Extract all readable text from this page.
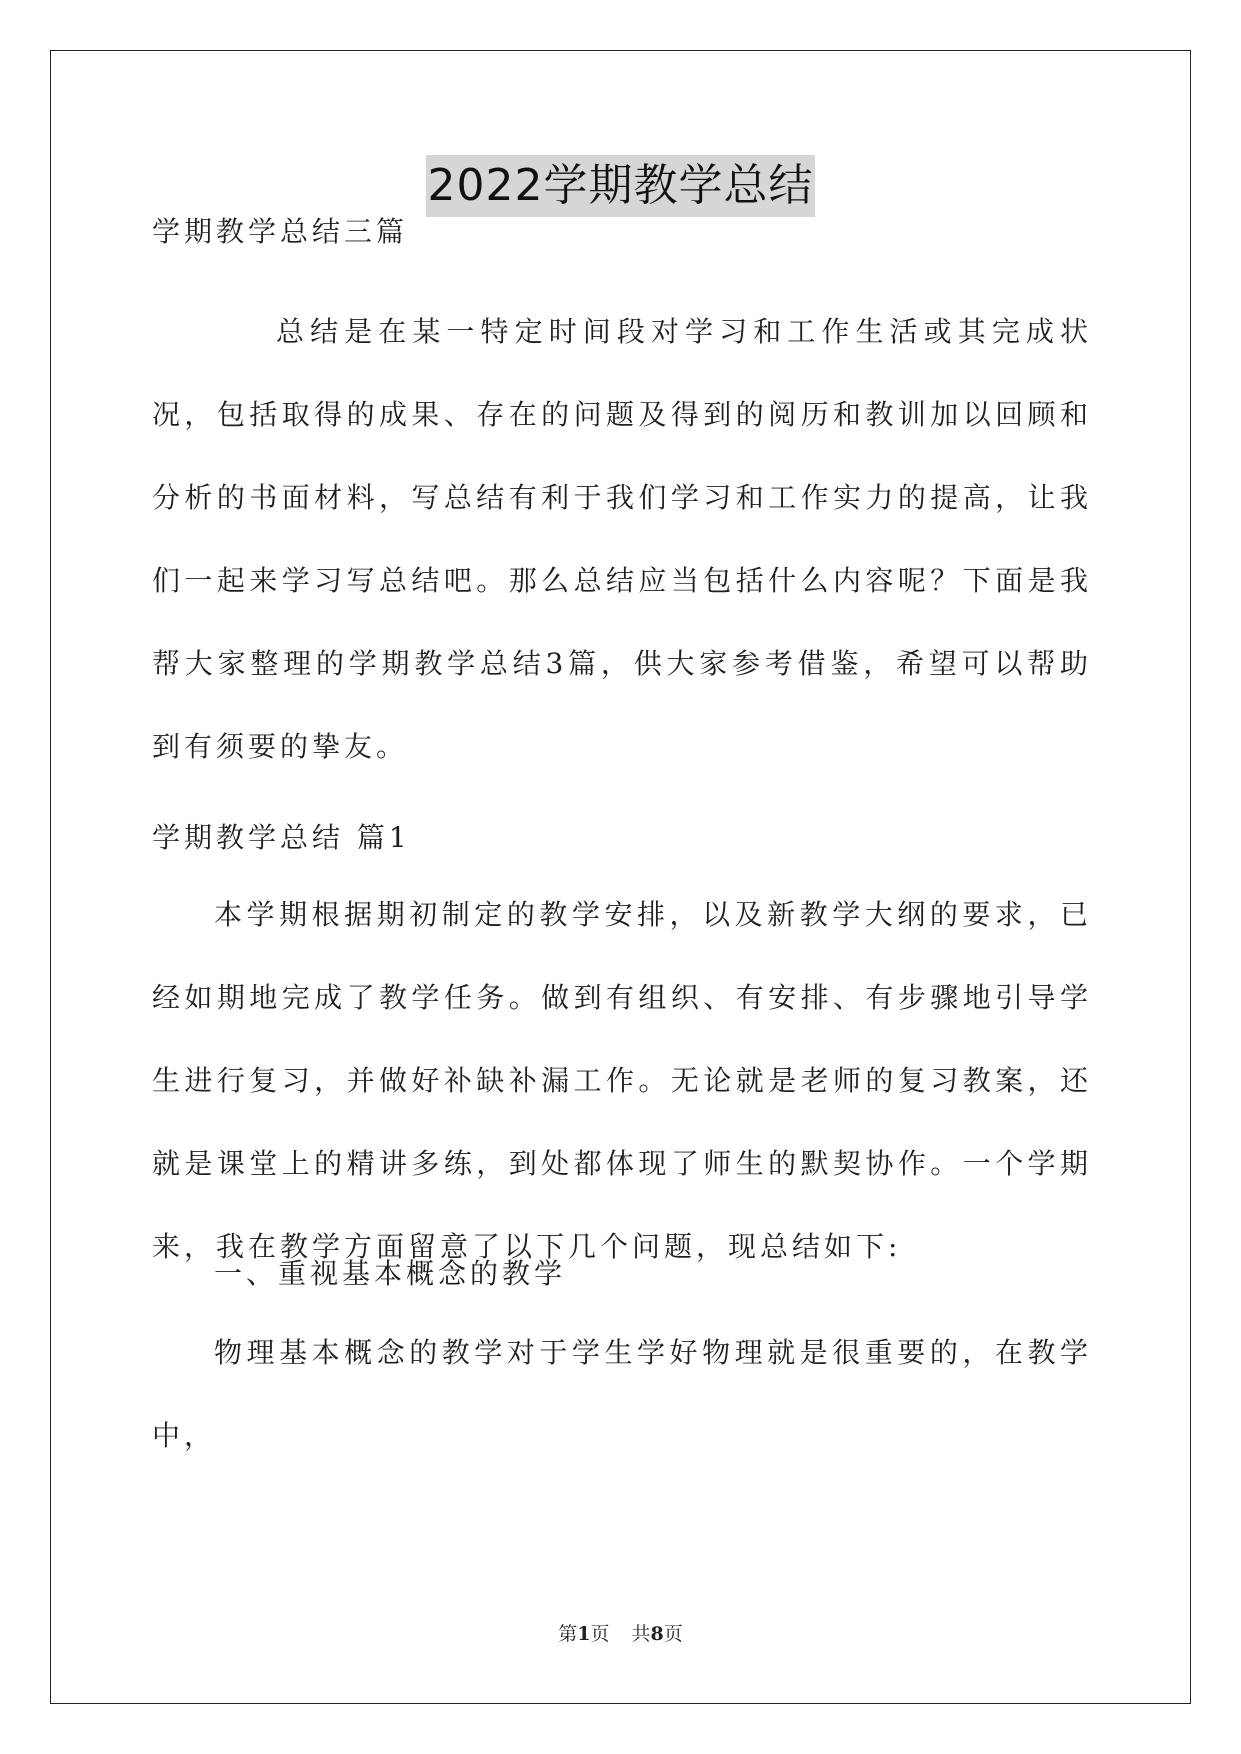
2022学期教学总结
学期教学总结三篇
总结是在某一特定时间段对学习和工作生活或其完成状况，包括取得的成果、存在的问题及得到的阅历和教训加以回顾和分析的书面材料，写总结有利于我们学习和工作实力的提高，让我们一起来学习写总结吧。那么总结应当包括什么内容呢？下面是我帮大家整理的学期教学总结3篇，供大家参考借鉴，希望可以帮助到有须要的挚友。
学期教学总结 篇1
本学期根据期初制定的教学安排，以及新教学大纲的要求，已经如期地完成了教学任务。做到有组织、有安排、有步骤地引导学生进行复习，并做好补缺补漏工作。无论就是老师的复习教案，还就是课堂上的精讲多练，到处都体现了师生的默契协作。一个学期来，我在教学方面留意了以下几个问题，现总结如下:
一、重视基本概念的教学
物理基本概念的教学对于学生学好物理就是很重要的，在教学中，
第1页 共8页
